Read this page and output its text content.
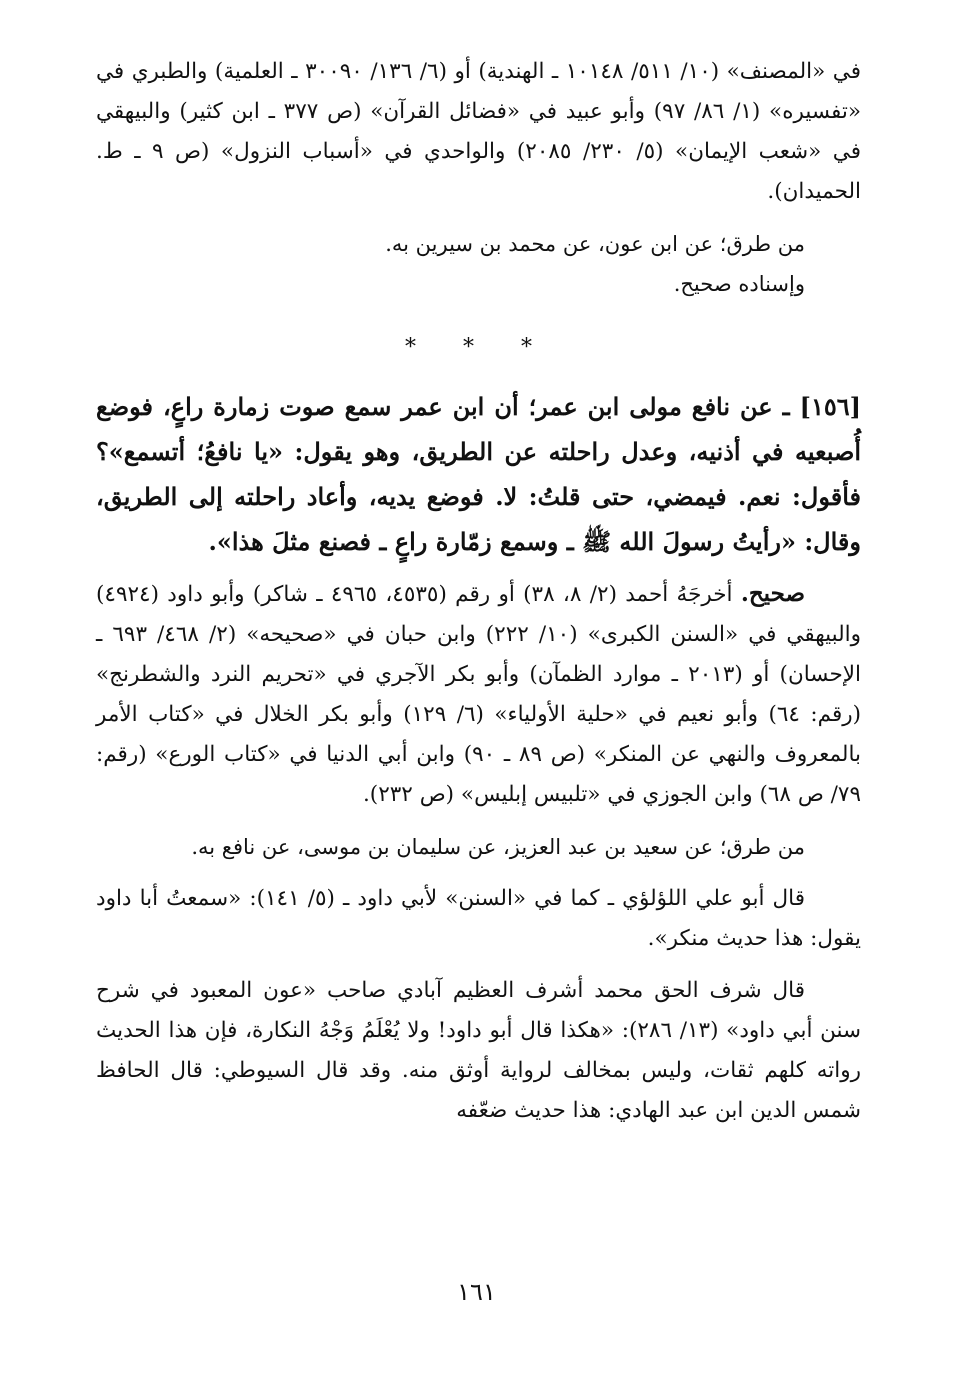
في «المصنف» (١٠/ ٥١١/ ١٠١٤٨ ـ الهندية) أو (٦/ ١٣٦/ ٣٠٠٩٠ ـ العلمية) والطبري في «تفسيره» (١/ ٨٦/ ٩٧) وأبو عبيد في «فضائل القرآن» (ص ٣٧٧ ـ ابن كثير) والبيهقي في «شعب الإيمان» (٥/ ٢٣٠/ ٢٠٨٥) والواحدي في «أسباب النزول» (ص ٩ ـ ط. الحميدان).

من طرق؛ عن ابن عون، عن محمد بن سيرين به.

وإسناده صحيح.

* * *

[١٥٦] ـ عن نافع مولى ابن عمر؛ أن ابن عمر سمع صوت زمارة راعٍ، فوضع أُصبعيه في أذنيه، وعدل راحلته عن الطريق، وهو يقول: «يا نافعُ؛ أتسمع»؟ فأقول: نعم. فيمضي، حتى قلتُ: لا. فوضع يديه، وأعاد راحلته إلى الطريق، وقال: «رأيتُ رسولَ الله ﷺ ـ وسمع زمّارة راعٍ ـ فصنع مثلَ هذا».

صحيح. أخرجَهُ أحمد (٢/ ٨، ٣٨) أو رقم (٤٥٣٥، ٤٩٦٥ ـ شاكر) وأبو داود (٤٩٢٤) والبيهقي في «السنن الكبرى» (١٠/ ٢٢٢) وابن حبان في «صحيحه» (٢/ ٤٦٨/ ٦٩٣ ـ الإحسان) أو (٢٠١٣ ـ موارد الظمآن) وأبو بكر الآجري في «تحريم النرد والشطرنج» (رقم: ٦٤) وأبو نعيم في «حلية الأولياء» (٦/ ١٢٩) وأبو بكر الخلال في «كتاب الأمر بالمعروف والنهي عن المنكر» (ص ٨٩ ـ ٩٠) وابن أبي الدنيا في «كتاب الورع» (رقم: ٧٩/ ص ٦٨) وابن الجوزي في «تلبيس إبليس» (ص ٢٣٢).

من طرق؛ عن سعيد بن عبد العزيز، عن سليمان بن موسى، عن نافع به.

قال أبو علي اللؤلؤي ـ كما في «السنن» لأبي داود ـ (٥/ ١٤١): «سمعتُ أبا داود يقول: هذا حديث منكر».

قال شرف الحق محمد أشرف العظيم آبادي صاحب «عون المعبود في شرح سنن أبي داود» (١٣/ ٢٨٦): «هكذا قال أبو داود! ولا يُعْلَمُ وَجْهُ النكارة، فإن هذا الحديث رواته كلهم ثقات، وليس بمخالف لرواية أوثق منه. وقد قال السيوطي: قال الحافظ شمس الدين ابن عبد الهادي: هذا حديث ضعّفه

١٦١
